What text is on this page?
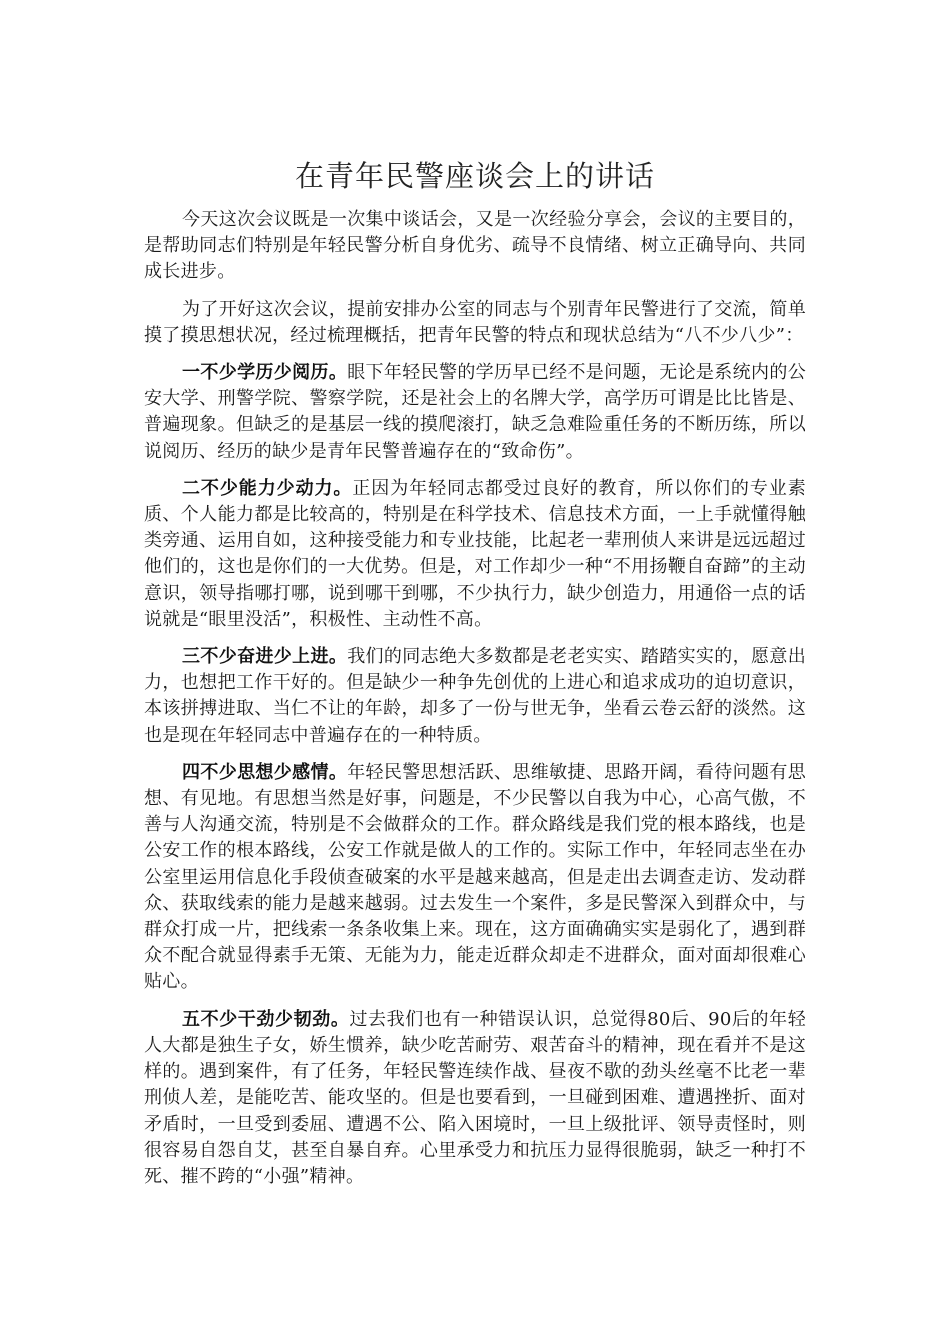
在青年民警座谈会上的讲话

今天这次会议既是一次集中谈话会，又是一次经验分享会，会议的主要目的，是帮助同志们特别是年轻民警分析自身优劣、疏导不良情绪、树立正确导向、共同成长进步。

为了开好这次会议，提前安排办公室的同志与个别青年民警进行了交流，简单摸了摸思想状况，经过梳理概括，把青年民警的特点和现状总结为“八不少八少”：

一不少学历少阅历。眼下年轻民警的学历早已经不是问题，无论是系统内的公安大学、刑警学院、警察学院，还是社会上的名牌大学，高学历可谓是比比皆是、普遍现象。但缺乏的是基层一线的摸爬滚打，缺乏急难险重任务的不断历练，所以说阅历、经历的缺少是青年民警普遍存在的“致命伤”。

二不少能力少动力。正因为年轻同志都受过良好的教育，所以你们的专业素质、个人能力都是比较高的，特别是在科学技术、信息技术方面，一上手就懂得触类旁通、运用自如，这种接受能力和专业技能，比起老一辈刑侦人来讲是远远超过他们的，这也是你们的一大优势。但是，对工作却少一种“不用扬鞭自奋蹄”的主动意识，领导指哪打哪，说到哪干到哪，不少执行力，缺少创造力，用通俗一点的话说就是“眼里没活”，积极性、主动性不高。

三不少奋进少上进。我们的同志绝大多数都是老老实实、踏踏实实的，愿意出力，也想把工作干好的。但是缺少一种争先创优的上进心和追求成功的迫切意识，本该拼搏进取、当仁不让的年龄，却多了一份与世无争，坐看云卷云舒的淡然。这也是现在年轻同志中普遍存在的一种特质。

四不少思想少感情。年轻民警思想活跃、思维敏捷、思路开阔，看待问题有思想、有见地。有思想当然是好事，问题是，不少民警以自我为中心，心高气傲，不善与人沟通交流，特别是不会做群众的工作。群众路线是我们党的根本路线，也是公安工作的根本路线，公安工作就是做人的工作的。实际工作中，年轻同志坐在办公室里运用信息化手段侦查破案的水平是越来越高，但是走出去调查走访、发动群众、获取线索的能力是越来越弱。过去发生一个案件，多是民警深入到群众中，与群众打成一片，把线索一条条收集上来。现在，这方面确确实实是弱化了，遇到群众不配合就显得素手无策、无能为力，能走近群众却走不进群众，面对面却很难心贴心。

五不少干劲少韧劲。过去我们也有一种错误认识，总觉得80后、90后的年轻人大都是独生子女，娇生惯养，缺少吃苦耐劳、艰苦奋斗的精神，现在看并不是这样的。遇到案件，有了任务，年轻民警连续作战、昼夜不歇的劲头丝毫不比老一辈刑侦人差，是能吃苦、能攻坚的。但是也要看到，一旦碰到困难、遭遇挫折、面对矛盾时，一旦受到委屈、遭遇不公、陷入困境时，一旦上级批评、领导责怪时，则很容易自怨自艾，甚至自暴自弃。心里承受力和抗压力显得很脆弱，缺乏一种打不死、摧不跨的“小强”精神。
